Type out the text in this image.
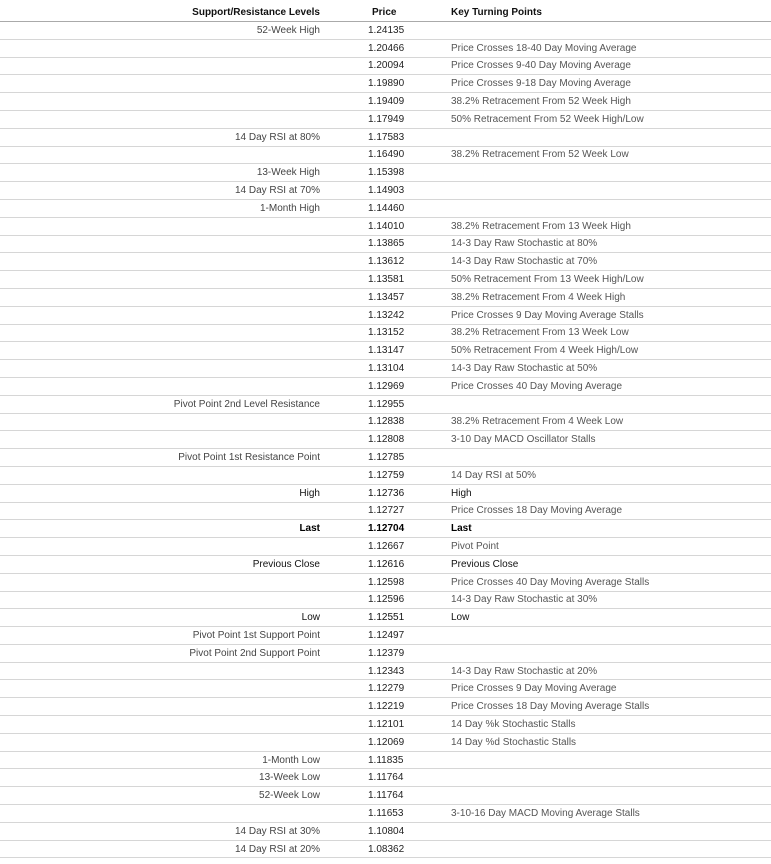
Support/Resistance Levels	Price	Key Turning Points
52-Week High	1.24135	
	1.20466	Price Crosses 18-40 Day Moving Average
	1.20094	Price Crosses 9-40 Day Moving Average
	1.19890	Price Crosses 9-18 Day Moving Average
	1.19409	38.2% Retracement From 52 Week High
	1.17949	50% Retracement From 52 Week High/Low
14 Day RSI at 80%	1.17583	
	1.16490	38.2% Retracement From 52 Week Low
13-Week High	1.15398	
14 Day RSI at 70%	1.14903	
1-Month High	1.14460	
	1.14010	38.2% Retracement From 13 Week High
	1.13865	14-3 Day Raw Stochastic at 80%
	1.13612	14-3 Day Raw Stochastic at 70%
	1.13581	50% Retracement From 13 Week High/Low
	1.13457	38.2% Retracement From 4 Week High
	1.13242	Price Crosses 9 Day Moving Average Stalls
	1.13152	38.2% Retracement From 13 Week Low
	1.13147	50% Retracement From 4 Week High/Low
	1.13104	14-3 Day Raw Stochastic at 50%
	1.12969	Price Crosses 40 Day Moving Average
Pivot Point 2nd Level Resistance	1.12955	
	1.12838	38.2% Retracement From 4 Week Low
	1.12808	3-10 Day MACD Oscillator Stalls
Pivot Point 1st Resistance Point	1.12785	
	1.12759	14 Day RSI at 50%
High	1.12736	High
	1.12727	Price Crosses 18 Day Moving Average
Last	1.12704	Last
	1.12667	Pivot Point
Previous Close	1.12616	Previous Close
	1.12598	Price Crosses 40 Day Moving Average Stalls
	1.12596	14-3 Day Raw Stochastic at 30%
Low	1.12551	Low
Pivot Point 1st Support Point	1.12497	
Pivot Point 2nd Support Point	1.12379	
	1.12343	14-3 Day Raw Stochastic at 20%
	1.12279	Price Crosses 9 Day Moving Average
	1.12219	Price Crosses 18 Day Moving Average Stalls
	1.12101	14 Day %k Stochastic Stalls
	1.12069	14 Day %d Stochastic Stalls
1-Month Low	1.11835	
13-Week Low	1.11764	
52-Week Low	1.11764	
	1.11653	3-10-16 Day MACD Moving Average Stalls
14 Day RSI at 30%	1.10804	
14 Day RSI at 20%	1.08362	
